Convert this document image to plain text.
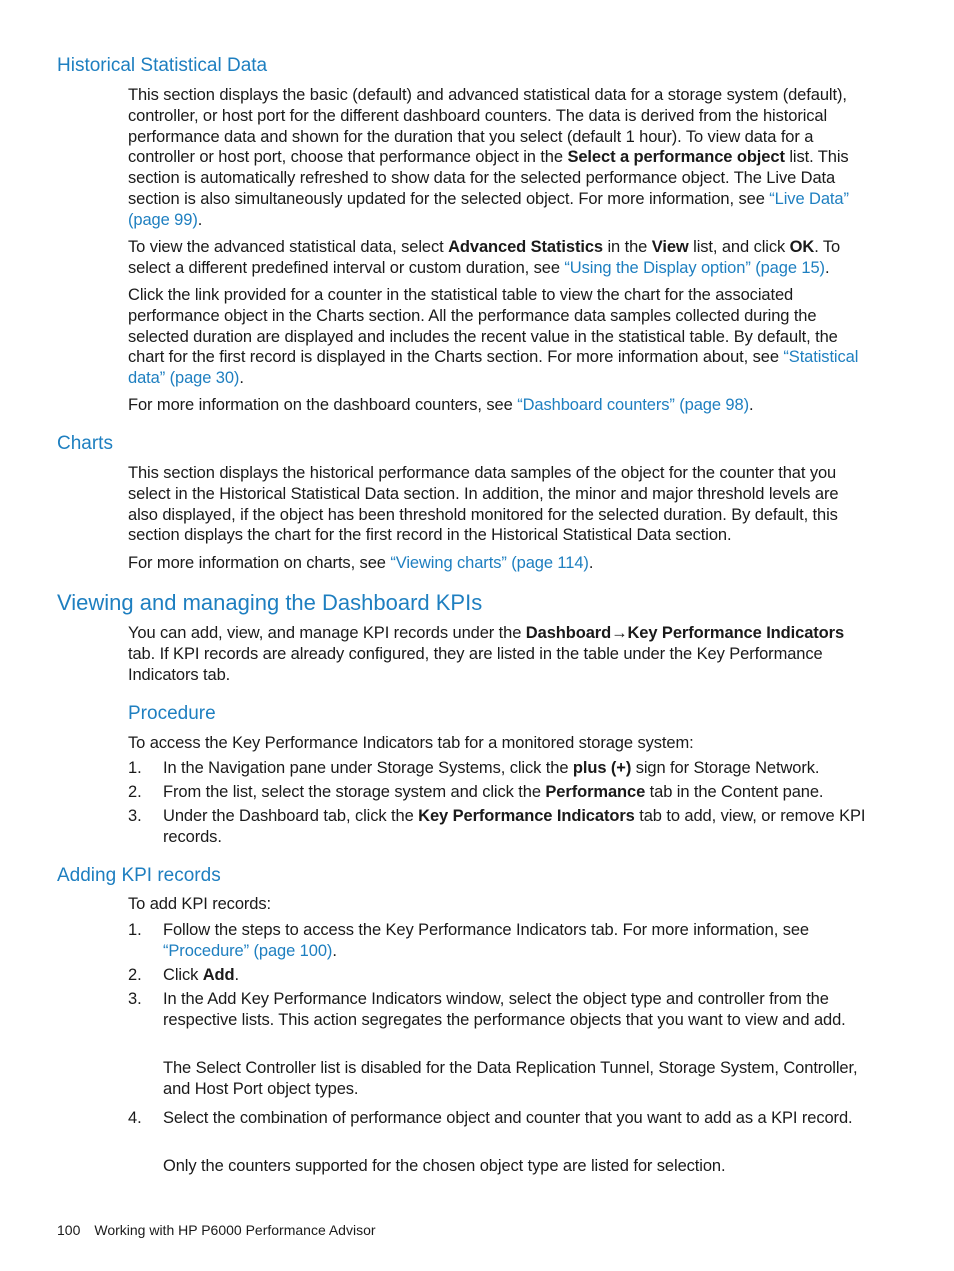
Historical Statistical Data
This section displays the basic (default) and advanced statistical data for a storage system (default), controller, or host port for the different dashboard counters. The data is derived from the historical performance data and shown for the duration that you select (default 1 hour). To view data for a controller or host port, choose that performance object in the Select a performance object list. This section is automatically refreshed to show data for the selected performance object. The Live Data section is also simultaneously updated for the selected object. For more information, see “Live Data” (page 99).
To view the advanced statistical data, select Advanced Statistics in the View list, and click OK. To select a different predefined interval or custom duration, see “Using the Display option” (page 15).
Click the link provided for a counter in the statistical table to view the chart for the associated performance object in the Charts section. All the performance data samples collected during the selected duration are displayed and includes the recent value in the statistical table. By default, the chart for the first record is displayed in the Charts section. For more information about, see “Statistical data” (page 30).
For more information on the dashboard counters, see “Dashboard counters” (page 98).
Charts
This section displays the historical performance data samples of the object for the counter that you select in the Historical Statistical Data section. In addition, the minor and major threshold levels are also displayed, if the object has been threshold monitored for the selected duration. By default, this section displays the chart for the first record in the Historical Statistical Data section.
For more information on charts, see “Viewing charts” (page 114).
Viewing and managing the Dashboard KPIs
You can add, view, and manage KPI records under the Dashboard→Key Performance Indicators tab. If KPI records are already configured, they are listed in the table under the Key Performance Indicators tab.
Procedure
To access the Key Performance Indicators tab for a monitored storage system:
1.	In the Navigation pane under Storage Systems, click the plus (+) sign for Storage Network.
2.	From the list, select the storage system and click the Performance tab in the Content pane.
3.	Under the Dashboard tab, click the Key Performance Indicators tab to add, view, or remove KPI records.
Adding KPI records
To add KPI records:
1.	Follow the steps to access the Key Performance Indicators tab. For more information, see “Procedure” (page 100).
2.	Click Add.
3.	In the Add Key Performance Indicators window, select the object type and controller from the respective lists. This action segregates the performance objects that you want to view and add.
The Select Controller list is disabled for the Data Replication Tunnel, Storage System, Controller, and Host Port object types.
4.	Select the combination of performance object and counter that you want to add as a KPI record.
Only the counters supported for the chosen object type are listed for selection.
100 Working with HP P6000 Performance Advisor
